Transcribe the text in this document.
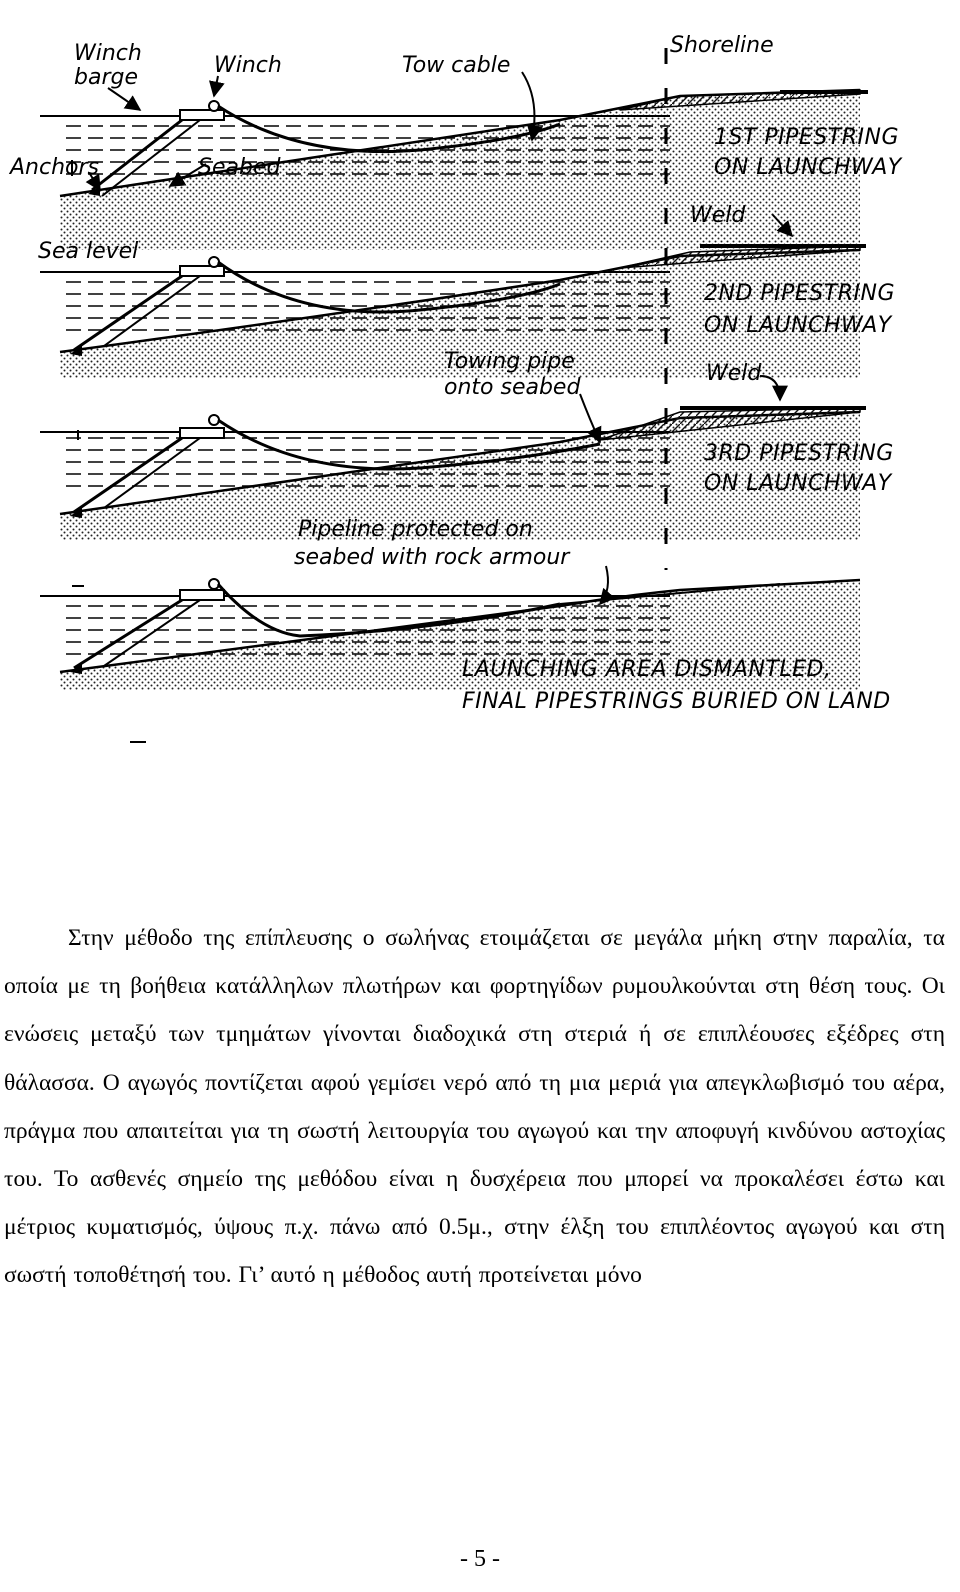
Winch barge	Winch	Tow cable
Shoreline
Anchors	Seabed
Sea level
Weld
Towing pipe onto seabed
Weld
Pipeline protected on seabed with rock armour
1ST PIPESTRING ON LAUNCHWAY
2ND PIPESTRING ON LAUNCHWAY
3RD PIPESTRING ON LAUNCHWAY
LAUNCHING AREA DISMANTLED, FINAL PIPESTRINGS BURIED ON LAND

Στην μέθοδο της επίπλευσης ο σωλήνας ετοιμάζεται σε μεγάλα μήκη στην παραλία, τα οποία με τη βοήθεια κατάλληλων πλωτήρων και φορτηγίδων ρυμουλκούνται στη θέση τους. Οι ενώσεις μεταξύ των τμημάτων γίνονται διαδοχικά στη στεριά ή σε επιπλέουσες εξέδρες στη θάλασσα. Ο αγωγός ποντίζεται αφού γεμίσει νερό από τη μια μεριά για απεγκλωβισμό του αέρα, πράγμα που απαιτείται για τη σωστή λειτουργία του αγωγού και την αποφυγή κινδύνου αστοχίας του. Το ασθενές σημείο της μεθόδου είναι η δυσχέρεια που μπορεί να προκαλέσει έστω και μέτριος κυματισμός, ύψους π.χ. πάνω από 0.5μ., στην έλξη του επιπλέοντος αγωγού και στη σωστή τοποθέτησή του. Γι’ αυτό η μέθοδος αυτή προτείνεται μόνο

- 5 -
